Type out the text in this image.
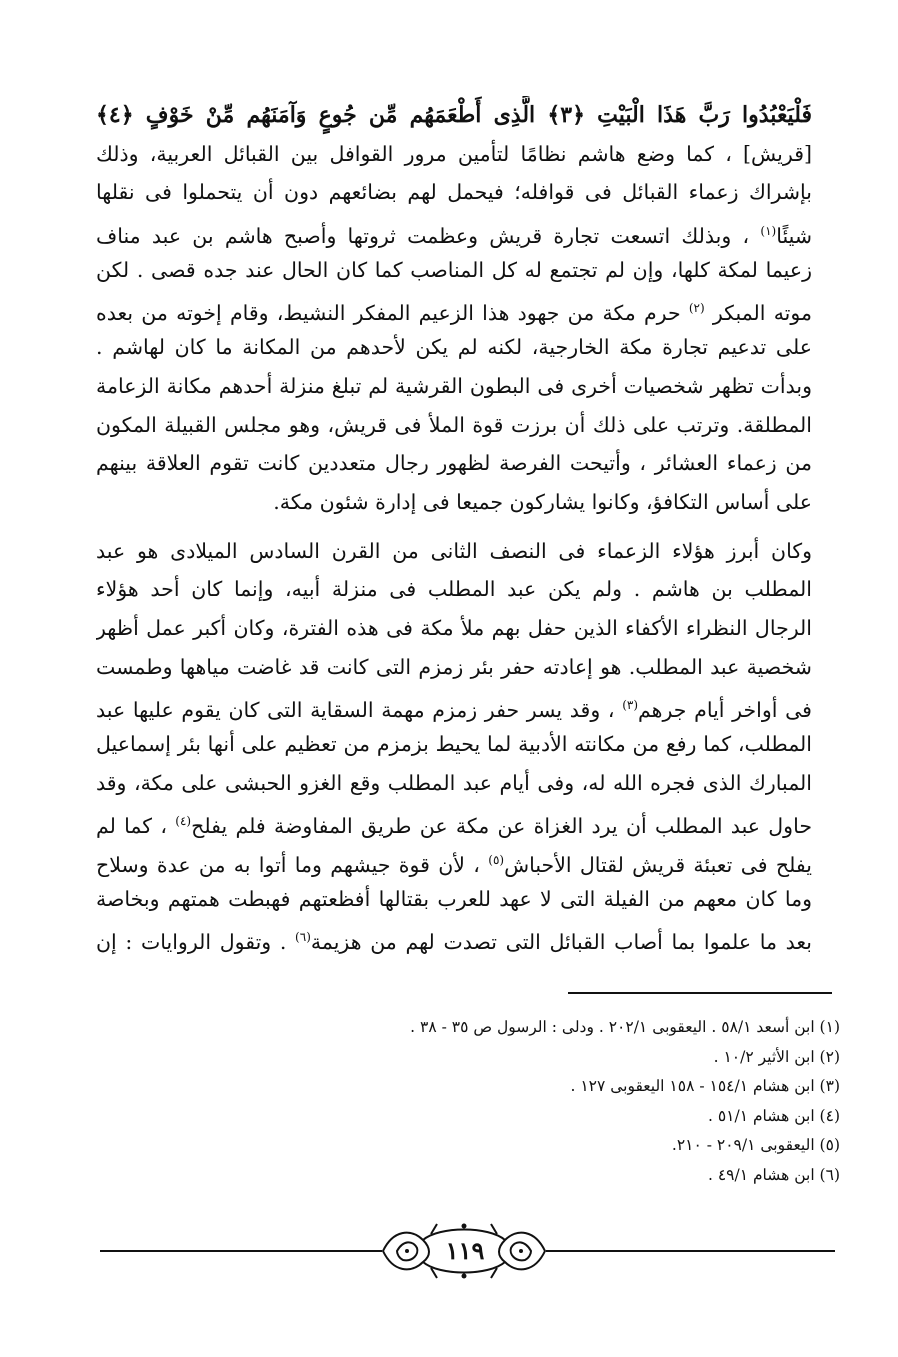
فَلْيَعْبُدُوا رَبَّ هَذَا الْبَيْتِ ﴿٣﴾ الَّذِى أَطْعَمَهُم مِّن جُوعٍ وَآمَنَهُم مِّنْ خَوْفٍ ﴿٤﴾
[قريش] ، كما وضع هاشم نظامًا لتأمين مرور القوافل بين القبائل العربية، وذلك
بإشراك زعماء القبائل فى قوافله؛ فيحمل لهم بضائعهم دون أن يتحملوا فى نقلها
شيئًا$^{(١)}$ ، وبذلك اتسعت تجارة قريش وعظمت ثروتها وأصبح هاشم بن عبد مناف
زعيما لمكة كلها، وإن لم تجتمع له كل المناصب كما كان الحال عند جده قصى . لكن
موته المبكر $^{(٢)}$ حرم مكة من جهود هذا الزعيم المفكر النشيط، وقام إخوته من بعده
على تدعيم تجارة مكة الخارجية، لكنه لم يكن لأحدهم من المكانة ما كان لهاشم .
وبدأت تظهر شخصيات أخرى فى البطون القرشية لم تبلغ منزلة أحدهم مكانة الزعامة
المطلقة. وترتب على ذلك أن برزت قوة الملأ فى قريش، وهو مجلس القبيلة المكون
من زعماء العشائر ، وأتيحت الفرصة لظهور رجال متعددين كانت تقوم العلاقة بينهم
على أساس التكافؤ، وكانوا يشاركون جميعا فى إدارة شئون مكة.
وكان أبرز هؤلاء الزعماء فى النصف الثانى من القرن السادس الميلادى هو عبد
المطلب بن هاشم . ولم يكن عبد المطلب فى منزلة أبيه، وإنما كان أحد هؤلاء
الرجال النظراء الأكفاء الذين حفل بهم ملأ مكة فى هذه الفترة، وكان أكبر عمل أظهر
شخصية عبد المطلب. هو إعادته حفر بئر زمزم التى كانت قد غاضت مياهها وطمست
فى أواخر أيام جرهم$^{(٣)}$ ، وقد يسر حفر زمزم مهمة السقاية التى كان يقوم عليها عبد
المطلب، كما رفع من مكانته الأدبية لما يحيط بزمزم من تعظيم على أنها بئر إسماعيل
المبارك الذى فجره الله له، وفى أيام عبد المطلب وقع الغزو الحبشى على مكة، وقد
حاول عبد المطلب أن يرد الغزاة عن مكة عن طريق المفاوضة فلم يفلح$^{(٤)}$ ، كما لم
يفلح فى تعبئة قريش لقتال الأحباش$^{(٥)}$ ، لأن قوة جيشهم وما أتوا به من عدة وسلاح
وما كان معهم من الفيلة التى لا عهد للعرب بقتالها أفظعتهم فهبطت همتهم وبخاصة
بعد ما علموا بما أصاب القبائل التى تصدت لهم من هزيمة$^{(٦)}$ . وتقول الروايات : إن
(١) ابن أسعد ٥٨/١ . اليعقوبى ٢٠٢/١ . ودلى : الرسول ص ٣٥ - ٣٨ .
(٢) ابن الأثير ١٠/٢ .
(٣) ابن هشام ١٥٤/١ - ١٥٨ اليعقوبى ١٢٧ .
(٤) ابن هشام ٥١/١ .
(٥) اليعقوبى ٢٠٩/١ - ٢١٠.
(٦) ابن هشام ٤٩/١ .
١١٩
